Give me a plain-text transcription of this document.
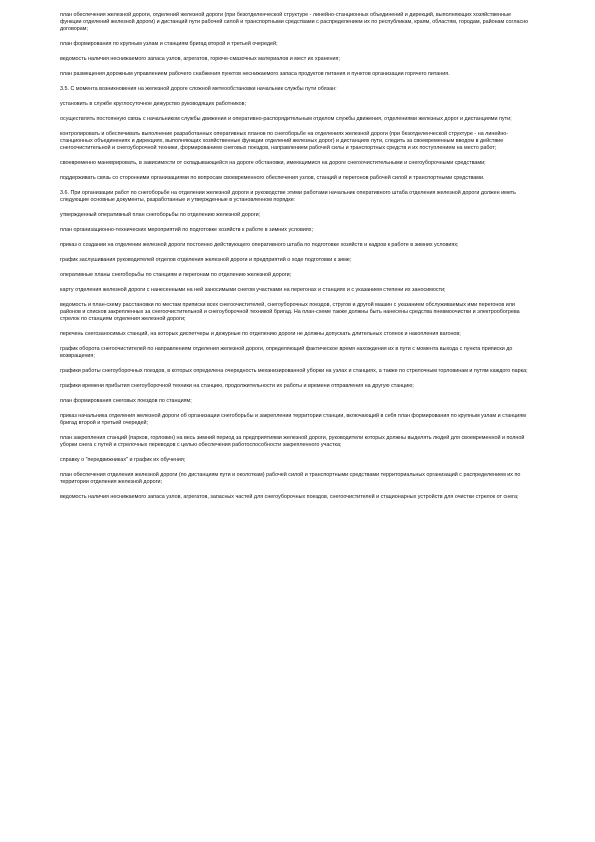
план обеспечения железной дороги, отделений железной дороги (при безотделенческой структуре - линейно-станционных объединений и дирекций, выполняющих хозяйственные функции отделений железной дороги) и дистанций пути рабочей силой и транспортными средствами с распределением их по республикам, краям, областям, городам, районам согласно договорам;

план формирования по крупным узлам и станциям бригад второй и третьей очередей;

ведомость наличия неснижаемого запаса узлов, агрегатов, горюче-смазочных материалов и мест их хранения;

план размещения дорожным управлением рабочего снабжения пунктов неснижаемого запаса продуктов питания и пунктов организации горячего питания.

3.5. С момента возникновения на железной дороге сложной метеообстановки начальник службы пути обязан:

установить в службе круглосуточное дежурство руководящих работников;

осуществлять постоянную связь с начальником службы движения и оперативно-распорядительным отделом службы движения, отделениями железных дорог и дистанциями пути;

контролировать и обеспечивать выполнение разработанных оперативных планов по снегоборьбе на отделениях железной дороги (при безотделенческой структуре - на линейно-станционных объединениях и дирекциях, выполняющих хозяйственные функции отделений железных дорог) и дистанциях пути, следить за своевременным вводом в действие снегоочистительной и снегоуборочной техники, формированием снеговых поездов, направлением рабочей силы и транспортных средств и их поступлением на место работ;

своевременно маневрировать, в зависимости от складывающейся на дороге обстановки, имеющимися на дороге снегоочистительными и снегоуборочными средствами;

поддерживать связь со сторонними организациями по вопросам своевременного обеспечения узлов, станций и перегонов рабочей силой и транспортными средствами.

3.6. При организации работ по снегоборьбе на отделении железной дороги и руководстве этими работами начальник оперативного штаба отделения железной дороги должен иметь следующие основные документы, разработанные и утвержденные в установленном порядке:

утвержденный оперативный план снегоборьбы по отделению железной дороги;

план организационно-технических мероприятий по подготовке хозяйств к работе в зимних условиях;

приказ о создании на отделении железной дороги постоянно действующего оперативного штаба по подготовке хозяйств и кадров к работе в зимних условиях;

график заслушивания руководителей отделов отделения железной дороги и предприятий о ходе подготовки к зиме;

оперативные планы снегоборьбы по станциям и перегонам по отделению железной дороги;

карту отделения железной дороги с нанесенными на ней заносимыми снегом участками на перегонах и станциях и с указанием степени их заносимости;

ведомость и план-схему расстановки по местам приписки всех снегоочистителей, снегоуборочных поездов, стругов и другой машин с указанием обслуживаемых ими перегонов или районов и списков закрепленных за снегоочистительной и снегоуборочной техникой бригад. На план-схеме также должны быть нанесены средства пневмоочистки и электрообогрева стрелок по станциям отделения железной дороги;

перечень снегозаносимых станций, на которых диспетчеры и дежурные по отделению дороги не должны допускать длительных стоянок и накопления вагонов;

график оборота снегоочистителей по направлениям отделения железной дороги, определяющий фактическое время нахождения их в пути с момента выхода с пункта приписки до возвращения;

графики работы снегоуборочных поездов, в которых определена очередность механизированной уборки на узлах и станциях, а также по стрелочным горловинам и путям каждого парка;

графики времени прибытия снегоуборочной техники на станцию, продолжительности их работы и времени отправления на другую станцию;

план формирования снеговых поездов по станциям;

приказ начальника отделения железной дороги об организации снегоборьбы и закреплении территории станции, включающий в себя план формирования по крупным узлам и станциям бригад второй и третьей очередей;

план закрепления станций (парков, горловин) на весь зимний период за предприятиями железной дороги, руководители которых должны выделять людей для своевременной и полной уборки снега с путей и стрелочных переводов с целью обеспечения работоспособности закрепленного участка;

справку о "передвижниках" и график их обучения;

план обеспечения отделения железной дороги (по дистанциям пути и околоткам) рабочей силой и транспортными средствами территориальных организаций с распределением их по территории отделения железной дороги;

ведомость наличия неснижаемого запаса узлов, агрегатов, запасных частей для снегоуборочных поездов, снегоочистителей и стационарных устройств для очистки стрелок от снега;
